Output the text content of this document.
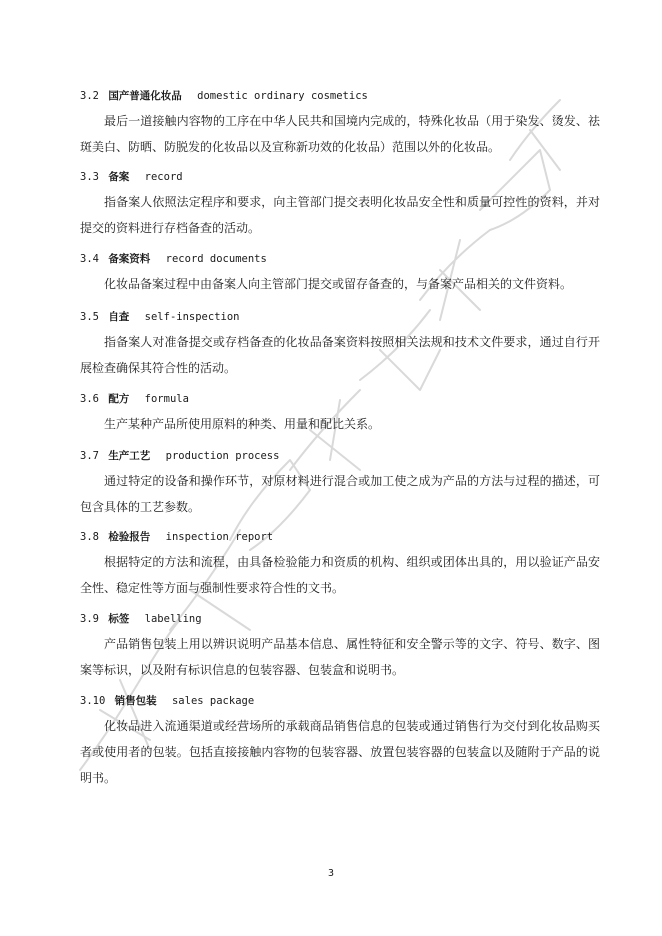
3.2 国产普通化妆品 domestic ordinary cosmetics

最后一道接触内容物的工序在中华人民共和国境内完成的，特殊化妆品（用于染发、烫发、祛斑美白、防晒、防脱发的化妆品以及宣称新功效的化妆品）范围以外的化妆品。

3.3 备案 record

指备案人依照法定程序和要求，向主管部门提交表明化妆品安全性和质量可控性的资料，并对提交的资料进行存档备查的活动。

3.4 备案资料 record documents

化妆品备案过程中由备案人向主管部门提交或留存备查的，与备案产品相关的文件资料。

3.5 自查 self-inspection

指备案人对准备提交或存档备查的化妆品备案资料按照相关法规和技术文件要求，通过自行开展检查确保其符合性的活动。

3.6 配方 formula

生产某种产品所使用原料的种类、用量和配比关系。

3.7 生产工艺 production process

通过特定的设备和操作环节，对原材料进行混合或加工使之成为产品的方法与过程的描述，可包含具体的工艺参数。

3.8 检验报告 inspection report

根据特定的方法和流程，由具备检验能力和资质的机构、组织或团体出具的，用以验证产品安全性、稳定性等方面与强制性要求符合性的文书。

3.9 标签 labelling

产品销售包装上用以辨识说明产品基本信息、属性特征和安全警示等的文字、符号、数字、图案等标识，以及附有标识信息的包装容器、包装盒和说明书。

3.10 销售包装 sales package

化妆品进入流通渠道或经营场所的承载商品销售信息的包装或通过销售行为交付到化妆品购买者或使用者的包装。包括直接接触内容物的包装容器、放置包装容器的包装盒以及随附于产品的说明书。

3
